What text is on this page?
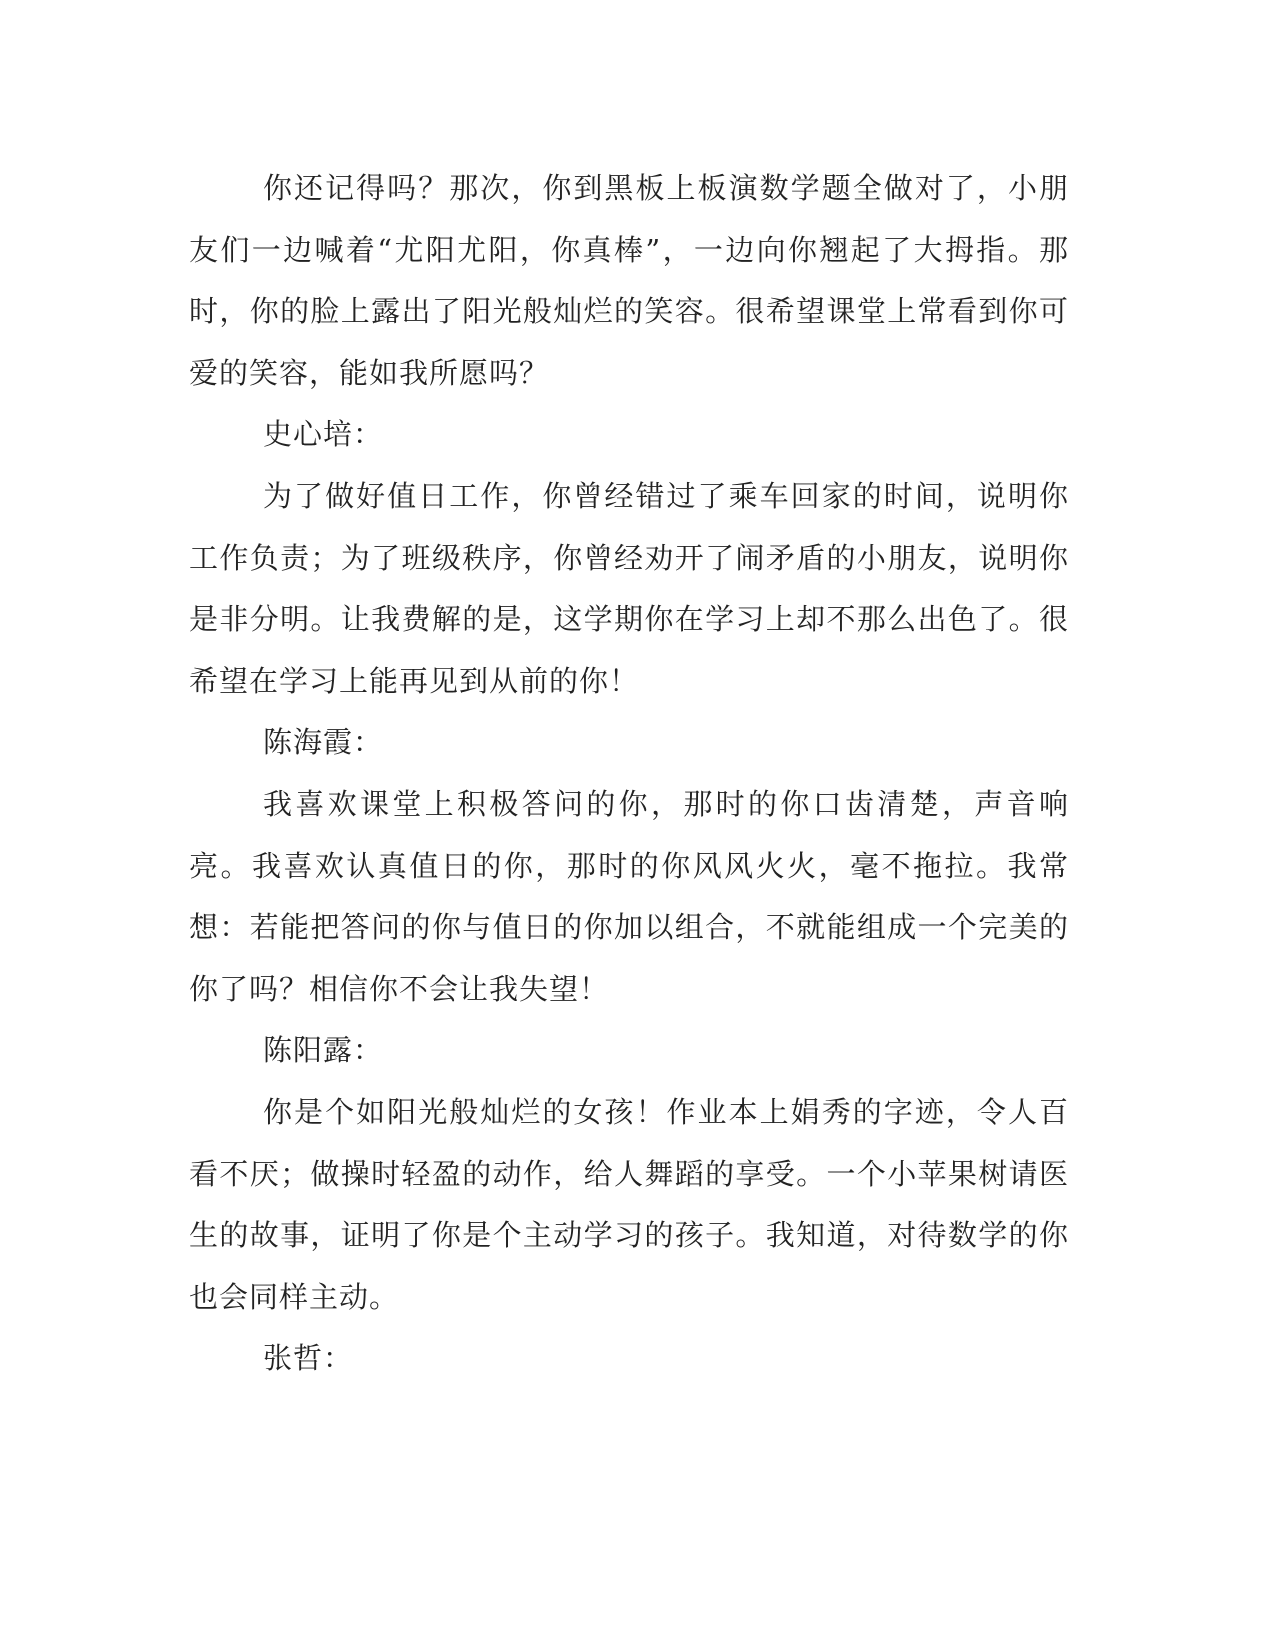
你还记得吗？那次，你到黑板上板演数学题全做对了，小朋友们一边喊着“尤阳尤阳，你真棒”，一边向你翘起了大拇指。那时，你的脸上露出了阳光般灿烂的笑容。很希望课堂上常看到你可爱的笑容，能如我所愿吗？

史心培：

为了做好值日工作，你曾经错过了乘车回家的时间，说明你工作负责；为了班级秩序，你曾经劝开了闹矛盾的小朋友，说明你是非分明。让我费解的是，这学期你在学习上却不那么出色了。很希望在学习上能再见到从前的你！

陈海霞：

我喜欢课堂上积极答问的你，那时的你口齿清楚，声音响亮。我喜欢认真值日的你，那时的你风风火火，毫不拖拉。我常想：若能把答问的你与值日的你加以组合，不就能组成一个完美的你了吗？相信你不会让我失望！

陈阳露：

你是个如阳光般灿烂的女孩！作业本上娟秀的字迹，令人百看不厌；做操时轻盈的动作，给人舞蹈的享受。一个小苹果树请医生的故事，证明了你是个主动学习的孩子。我知道，对待数学的你也会同样主动。

张哲：
